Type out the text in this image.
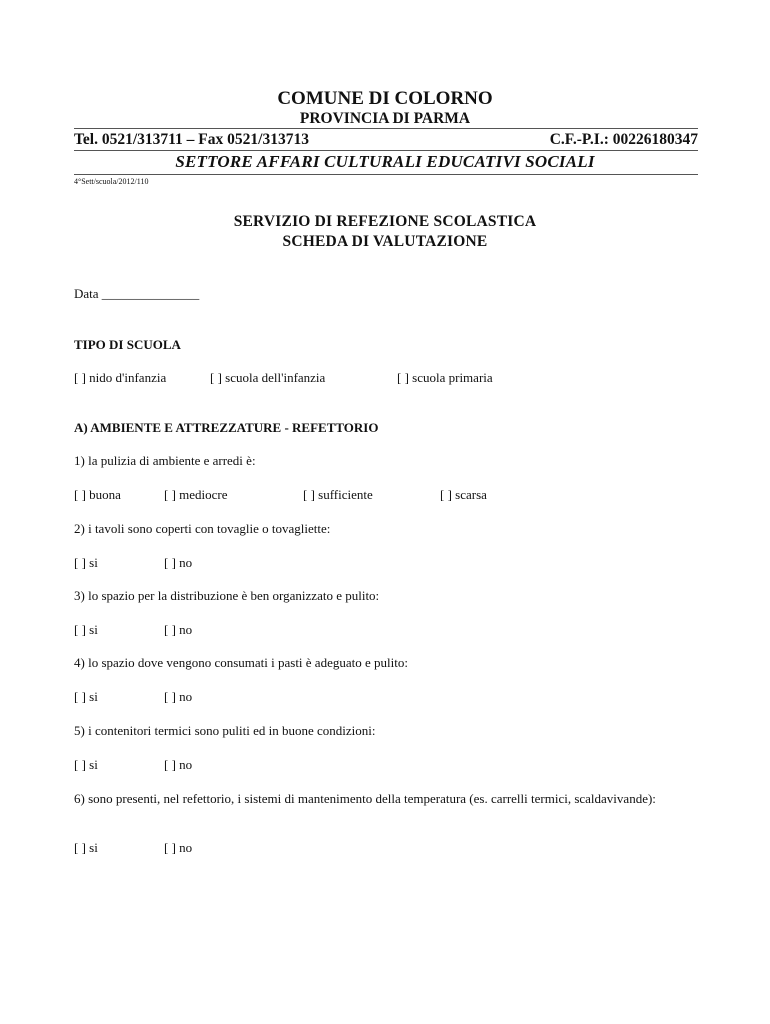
COMUNE DI COLORNO
PROVINCIA DI PARMA
Tel. 0521/313711 – Fax 0521/313713	C.F.-P.I.: 00226180347
SETTORE AFFARI CULTURALI EDUCATIVI SOCIALI
4°Sett/scuola/2012/110
SERVIZIO DI REFEZIONE SCOLASTICA
SCHEDA DI VALUTAZIONE
Data _______________
TIPO DI SCUOLA
[ ] nido d'infanzia	[ ] scuola dell'infanzia	[ ] scuola primaria
A) AMBIENTE E ATTREZZATURE - REFETTORIO
1) la pulizia di ambiente e arredi è:
[ ] buona	[ ] mediocre	[ ] sufficiente	[ ] scarsa
2) i tavoli sono coperti con tovaglie o tovagliette:
[ ] si	[ ] no
3) lo spazio per la distribuzione è ben organizzato e pulito:
[ ] si	[ ] no
4) lo spazio dove vengono consumati i pasti è adeguato e pulito:
[ ] si	[ ] no
5) i contenitori termici sono puliti ed in buone condizioni:
[ ] si	[ ] no
6) sono presenti, nel refettorio, i sistemi di mantenimento della temperatura (es. carrelli termici, scaldavivande):
[ ] si	[ ] no
